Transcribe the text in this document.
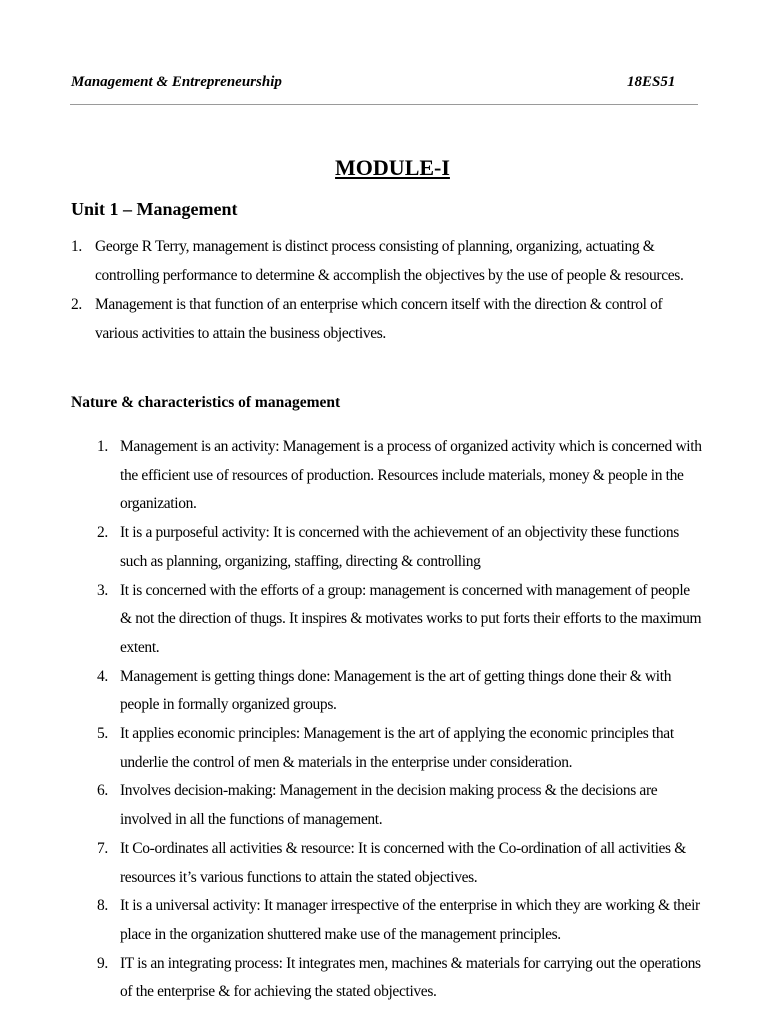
Management & Entrepreneurship	18ES51
MODULE-I
Unit 1 – Management
1. George R Terry, management is distinct process consisting of planning, organizing, actuating & controlling performance to determine & accomplish the objectives by the use of people & resources.
2. Management is that function of an enterprise which concern itself with the direction & control of various activities to attain the business objectives.
Nature & characteristics of management
1. Management is an activity: Management is a process of organized activity which is concerned with the efficient use of resources of production. Resources include materials, money & people in the organization.
2. It is a purposeful activity: It is concerned with the achievement of an objectivity these functions such as planning, organizing, staffing, directing & controlling
3. It is concerned with the efforts of a group: management is concerned with management of people & not the direction of thugs. It inspires & motivates works to put forts their efforts to the maximum extent.
4. Management is getting things done: Management is the art of getting things done their & with people in formally organized groups.
5. It applies economic principles: Management is the art of applying the economic principles that underlie the control of men & materials in the enterprise under consideration.
6. Involves decision-making: Management in the decision making process & the decisions are involved in all the functions of management.
7. It Co-ordinates all activities & resource: It is concerned with the Co-ordination of all activities & resources it’s various functions to attain the stated objectives.
8. It is a universal activity: It manager irrespective of the enterprise in which they are working & their place in the organization shuttered make use of the management principles.
9. IT is an integrating process: It integrates men, machines & materials for carrying out the operations of the enterprise & for achieving the stated objectives.
